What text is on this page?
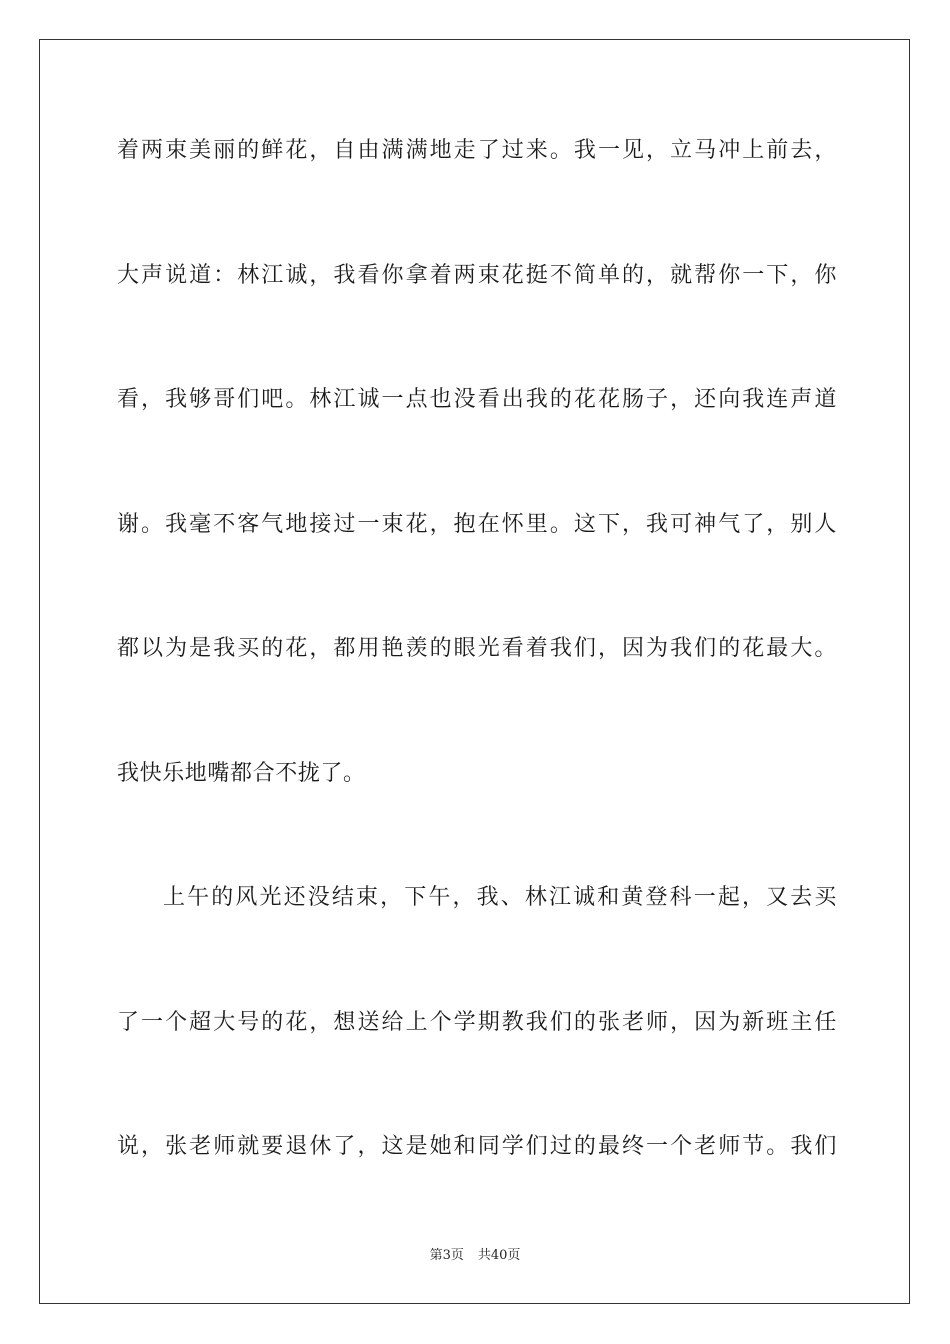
着两束美丽的鲜花，自由满满地走了过来。我一见，立马冲上前去，
大声说道：林江诚，我看你拿着两束花挺不简单的，就帮你一下，你
看，我够哥们吧。林江诚一点也没看出我的花花肠子，还向我连声道
谢。我毫不客气地接过一束花，抱在怀里。这下，我可神气了，别人
都以为是我买的花，都用艳羡的眼光看着我们，因为我们的花最大。
我快乐地嘴都合不拢了。
上午的风光还没结束，下午，我、林江诚和黄登科一起，又去买
了一个超大号的花，想送给上个学期教我们的张老师，因为新班主任
说，张老师就要退休了，这是她和同学们过的最终一个老师节。我们
第3页 共40页
